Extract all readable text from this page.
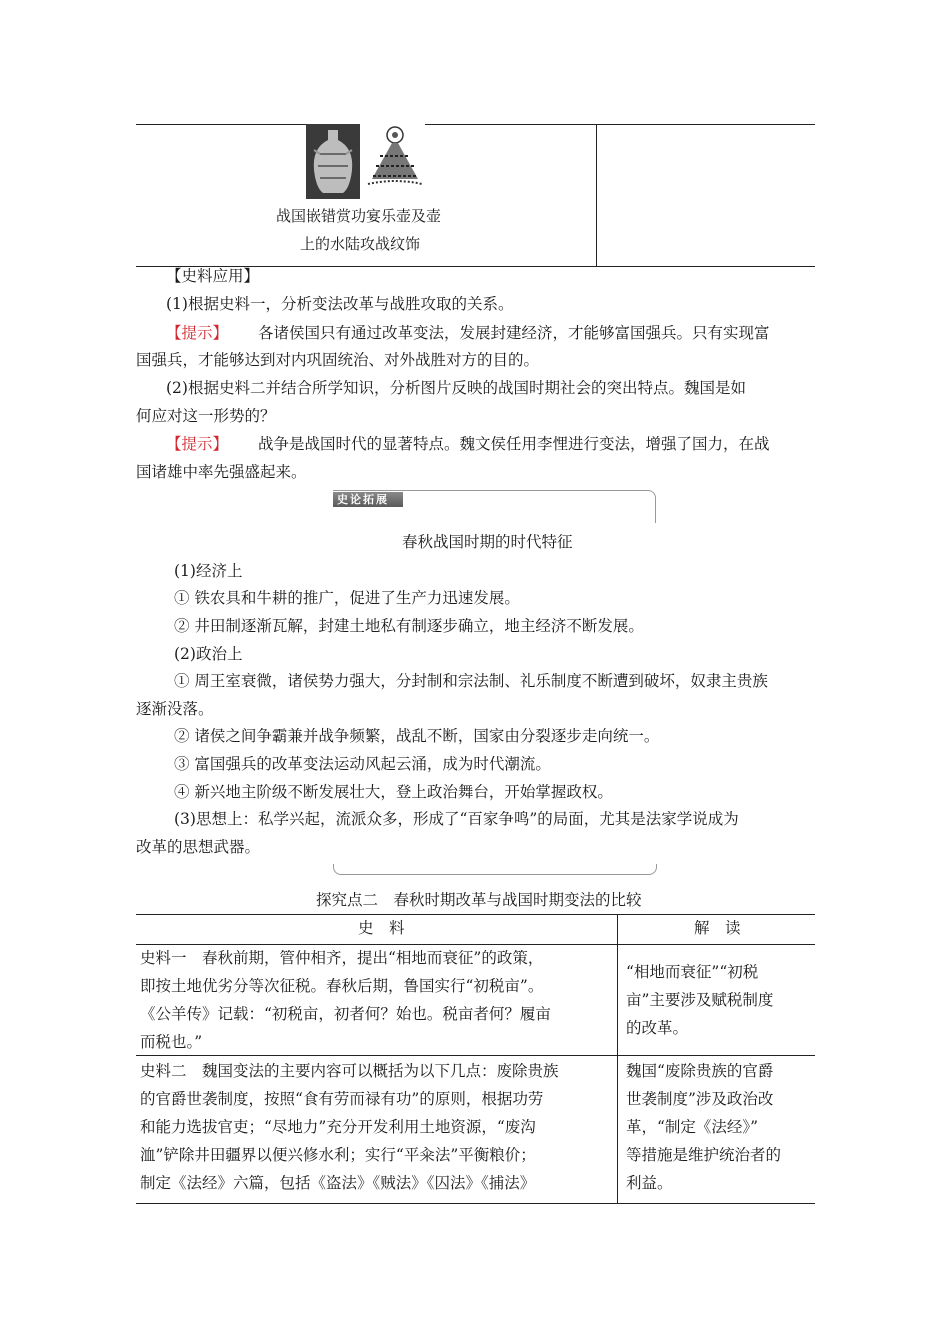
战国嵌错赏功宴乐壶及壶
上的水陆攻战纹饰
【史料应用】
(1)根据史料一，分析变法改革与战胜攻取的关系。
【提示】 各诸侯国只有通过改革变法，发展封建经济，才能够富国强兵。只有实现富
国强兵，才能够达到对内巩固统治、对外战胜对方的目的。
(2)根据史料二并结合所学知识，分析图片反映的战国时期社会的突出特点。魏国是如
何应对这一形势的？
【提示】 战争是战国时代的显著特点。魏文侯任用李悝进行变法，增强了国力，在战
国诸雄中率先强盛起来。
史论拓展
春秋战国时期的时代特征
(1)经济上
① 铁农具和牛耕的推广，促进了生产力迅速发展。
② 井田制逐渐瓦解，封建土地私有制逐步确立，地主经济不断发展。
(2)政治上
① 周王室衰微，诸侯势力强大，分封制和宗法制、礼乐制度不断遭到破坏，奴隶主贵族
逐渐没落。
② 诸侯之间争霸兼并战争频繁，战乱不断，国家由分裂逐步走向统一。
③ 富国强兵的改革变法运动风起云涌，成为时代潮流。
④ 新兴地主阶级不断发展壮大，登上政治舞台，开始掌握政权。
(3)思想上：私学兴起，流派众多，形成了“百家争鸣”的局面，尤其是法家学说成为
改革的思想武器。
探究点二　春秋时期改革与战国时期变法的比较
史　料	解　读
史料一　春秋前期，管仲相齐，提出“相地而衰征”的政策，
即按土地优劣分等次征税。春秋后期，鲁国实行“初税亩”。
《公羊传》记载：“初税亩，初者何？始也。税亩者何？履亩
而税也。”
“相地而衰征”“初税
亩”主要涉及赋税制度
的改革。
史料二　魏国变法的主要内容可以概括为以下几点：废除贵族
的官爵世袭制度，按照“食有劳而禄有功”的原则，根据功劳
和能力选拔官吏；“尽地力”充分开发利用土地资源，“废沟
洫”铲除井田疆界以便兴修水利；实行“平籴法”平衡粮价；
制定《法经》六篇，包括《盗法》《贼法》《囚法》《捕法》
魏国“废除贵族的官爵
世袭制度”涉及政治改
革，“制定《法经》”
等措施是维护统治者的
利益。
